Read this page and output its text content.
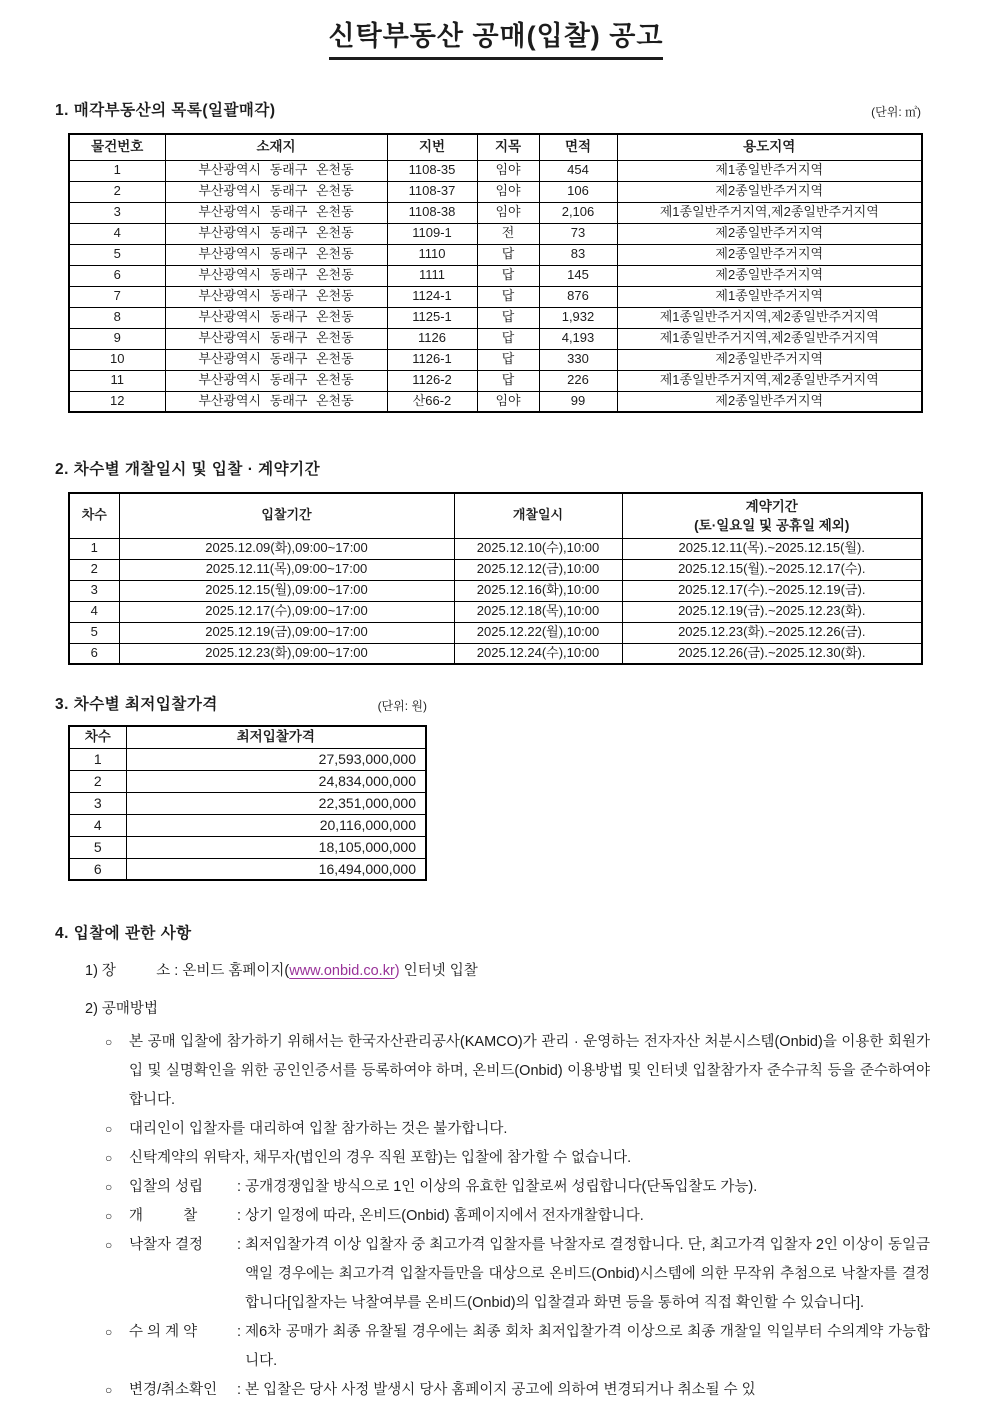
신탁부동산 공매(입찰) 공고
1. 매각부동산의 목록(일괄매각)	(단위: ㎡)
물건번호	소재지	지번	지목	면적	용도지역
1	부산광역시 동래구 온천동	1108-35	임야	454	제1종일반주거지역
2	부산광역시 동래구 온천동	1108-37	임야	106	제2종일반주거지역
3	부산광역시 동래구 온천동	1108-38	임야	2,106	제1종일반주거지역,제2종일반주거지역
4	부산광역시 동래구 온천동	1109-1	전	73	제2종일반주거지역
5	부산광역시 동래구 온천동	1110	답	83	제2종일반주거지역
6	부산광역시 동래구 온천동	1111	답	145	제2종일반주거지역
7	부산광역시 동래구 온천동	1124-1	답	876	제1종일반주거지역
8	부산광역시 동래구 온천동	1125-1	답	1,932	제1종일반주거지역,제2종일반주거지역
9	부산광역시 동래구 온천동	1126	답	4,193	제1종일반주거지역,제2종일반주거지역
10	부산광역시 동래구 온천동	1126-1	답	330	제2종일반주거지역
11	부산광역시 동래구 온천동	1126-2	답	226	제1종일반주거지역,제2종일반주거지역
12	부산광역시 동래구 온천동	산66-2	임야	99	제2종일반주거지역
2. 차수별 개찰일시 및 입찰 · 계약기간
차수	입찰기간	개찰일시	계약기간
(토·일요일 및 공휴일 제외)

1	2025.12.09(화),09:00~17:00	2025.12.10(수),10:00	2025.12.11(목).~2025.12.15(월).
2	2025.12.11(목),09:00~17:00	2025.12.12(금),10:00	2025.12.15(월).~2025.12.17(수).
3	2025.12.15(월),09:00~17:00	2025.12.16(화),10:00	2025.12.17(수).~2025.12.19(금).
4	2025.12.17(수),09:00~17:00	2025.12.18(목),10:00	2025.12.19(금).~2025.12.23(화).
5	2025.12.19(금),09:00~17:00	2025.12.22(월),10:00	2025.12.23(화).~2025.12.26(금).
6	2025.12.23(화),09:00~17:00	2025.12.24(수),10:00	2025.12.26(금).~2025.12.30(화).
3. 차수별 최저입찰가격	(단위: 원)
차수	최저입찰가격
1	27,593,000,000
2	24,834,000,000
3	22,351,000,000
4	20,116,000,000
5	18,105,000,000
6	16,494,000,000
4. 입찰에 관한 사항
1) 장          소 : 온비드 홈페이지(www.onbid.co.kr) 인터넷 입찰
2) 공매방법
○	본 공매 입찰에 참가하기 위해서는 한국자산관리공사(KAMCO)가 관리 · 운영하는 전자자산 처분시스템(Onbid)을 이용한 회원가입 및 실명확인을 위한 공인인증서를 등록하여야 하며, 온비드(Onbid) 이용방법 및 인터넷 입찰참가자 준수규칙 등을 준수하여야 합니다.
○	대리인이 입찰자를 대리하여 입찰 참가하는 것은 불가합니다.
○	신탁계약의 위탁자, 채무자(법인의 경우 직원 포함)는 입찰에 참가할 수 없습니다.
○	입찰의 성립	: 공개경쟁입찰 방식으로 1인 이상의 유효한 입찰로써 성립합니다(단독입찰도 가능).
○	개          찰	: 상기 일정에 따라, 온비드(Onbid) 홈페이지에서 전자개찰합니다.
○	낙찰자 결정	: 최저입찰가격 이상 입찰자 중 최고가격 입찰자를 낙찰자로 결정합니다. 단, 최고가격 입찰자 2인 이상이 동일금액일 경우에는 최고가격 입찰자들만을 대상으로 온비드(Onbid)시스템에 의한 무작위 추첨으로 낙찰자를 결정합니다[입찰자는 낙찰여부를 온비드(Onbid)의 입찰결과 화면 등을 통하여 직접 확인할 수 있습니다].
○	수 의 계 약	: 제6차 공매가 최종 유찰될 경우에는 최종 회차 최저입찰가격 이상으로 최종 개찰일 익일부터 수의계약 가능합니다.
○	변경/취소확인	: 본 입찰은 당사 사정 발생시 당사 홈페이지 공고에 의하여 변경되거나 취소될 수 있
